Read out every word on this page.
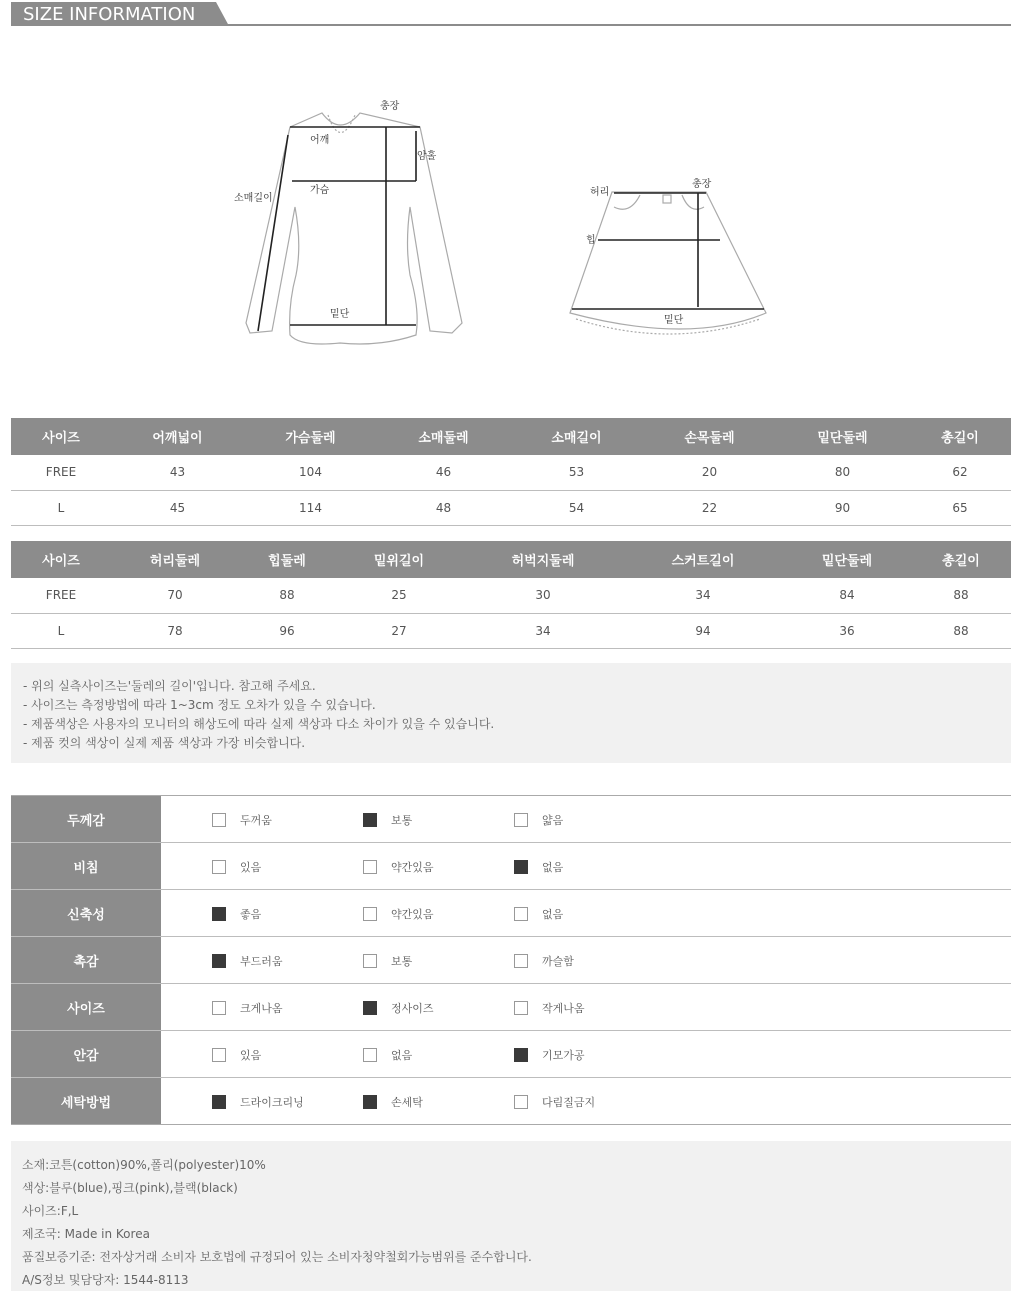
SIZE INFORMATION
총장
어깨
암홀
소매길이
가슴
밑단
허리
총장
힙
밑단
사이즈	어깨넓이	가슴둘레	소매둘레	소매길이	손목둘레	밑단둘레	총길이
FREE	43	104	46	53	20	80	62
L	45	114	48	54	22	90	65
사이즈	허리둘레	힙둘레	밑위길이	허벅지둘레	스커트길이	밑단둘레	총길이
FREE	70	88	25	30	34	84	88
L	78	96	27	34	94	36	88
- 위의 실측사이즈는'둘레의 길이'입니다. 참고해 주세요.
- 사이즈는 측정방법에 따라 1~3cm 정도 오차가 있을 수 있습니다.
- 제품색상은 사용자의 모니터의 해상도에 따라 실제 색상과 다소 차이가 있을 수 있습니다.
- 제품 컷의 색상이 실제 제품 색상과 가장 비슷합니다.
두께감	두꺼움	보통	얇음
비침	있음	약간있음	없음
신축성	좋음	약간있음	없음
촉감	부드러움	보통	까슬함
사이즈	크게나옴	정사이즈	작게나옴
안감	있음	없음	기모가공
세탁방법	드라이크리닝	손세탁	다림질금지
소재:코튼(cotton)90%,폴리(polyester)10%
색상:블루(blue),핑크(pink),블랙(black)
사이즈:F,L
제조국: Made in Korea
품질보증기준: 전자상거래 소비자 보호법에 규정되어 있는 소비자청약철회가능범위를 준수합니다.
A/S정보 및담당자: 1544-8113
